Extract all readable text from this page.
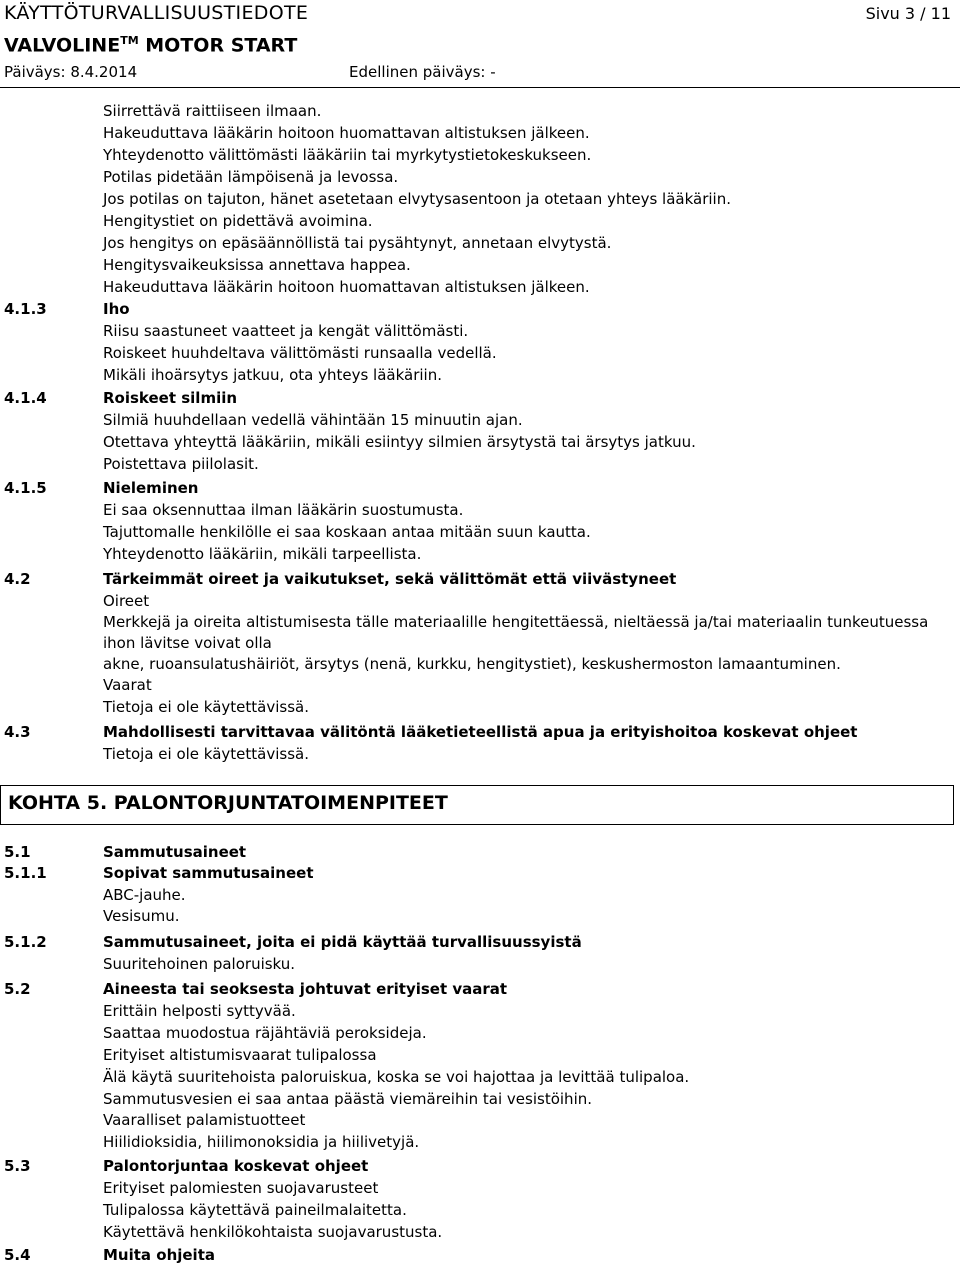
KÄYTTÖTURVALLISUUSTIEDOTE	Sivu 3 / 11
VALVOLINE™ MOTOR START
Päiväys: 8.4.2014	Edellinen päiväys: -
Siirrettävä raittiiseen ilmaan.
Hakeuduttava lääkärin hoitoon huomattavan altistuksen jälkeen.
Yhteydenotto välittömästi lääkäriin tai myrkytystietokeskukseen.
Potilas pidetään lämpöisenä ja levossa.
Jos potilas on tajuton, hänet asetetaan elvytysasentoon ja otetaan yhteys lääkäriin.
Hengitystiet on pidettävä avoimina.
Jos hengitys on epäsäännöllistä tai pysähtynyt, annetaan elvytystä.
Hengitysvaikeuksissa annettava happea.
Hakeuduttava lääkärin hoitoon huomattavan altistuksen jälkeen.
4.1.3	Iho
Riisu saastuneet vaatteet ja kengät välittömästi.
Roiskeet huuhdeltava välittömästi runsaalla vedellä.
Mikäli ihoärsytys jatkuu, ota yhteys lääkäriin.
4.1.4	Roiskeet silmiin
Silmiä huuhdellaan vedellä vähintään 15 minuutin ajan.
Otettava yhteyttä lääkäriin, mikäli esiintyy silmien ärsytystä tai ärsytys jatkuu.
Poistettava piilolasit.
4.1.5	Nieleminen
Ei saa oksennuttaa ilman lääkärin suostumusta.
Tajuttomalle henkilölle ei saa koskaan antaa mitään suun kautta.
Yhteydenotto lääkäriin, mikäli tarpeellista.
4.2	Tärkeimmät oireet ja vaikutukset, sekä välittömät että viivästyneet
Oireet
Merkkejä ja oireita altistumisesta tälle materiaalille hengitettäessä, nieltäessä ja/tai materiaalin tunkeutuessa
ihon lävitse voivat olla
akne, ruoansulatushäiriöt, ärsytys (nenä, kurkku, hengitystiet), keskushermoston lamaantuminen.
Vaarat
Tietoja ei ole käytettävissä.
4.3	Mahdollisesti tarvittavaa välitöntä lääketieteellistä apua ja erityishoitoa koskevat ohjeet
Tietoja ei ole käytettävissä.
KOHTA 5. PALONTORJUNTATOIMENPITEET
5.1	Sammutusaineet
5.1.1	Sopivat sammutusaineet
ABC-jauhe.
Vesisumu.
5.1.2	Sammutusaineet, joita ei pidä käyttää turvallisuussyistä
Suuritehoinen paloruisku.
5.2	Aineesta tai seoksesta johtuvat erityiset vaarat
Erittäin helposti syttyvää.
Saattaa muodostua räjähtäviä peroksideja.
Erityiset altistumisvaarat tulipalossa
Älä käytä suuritehoista paloruiskua, koska se voi hajottaa ja levittää tulipaloa.
Sammutusvesien ei saa antaa päästä viemäreihin tai vesistöihin.
Vaaralliset palamistuotteet
Hiilidioksidia, hiilimonoksidia ja hiilivetyjä.
5.3	Palontorjuntaa koskevat ohjeet
Erityiset palomiesten suojavarusteet
Tulipalossa käytettävä paineilmalaitetta.
Käytettävä henkilökohtaista suojavarustusta.
5.4	Muita ohjeita
